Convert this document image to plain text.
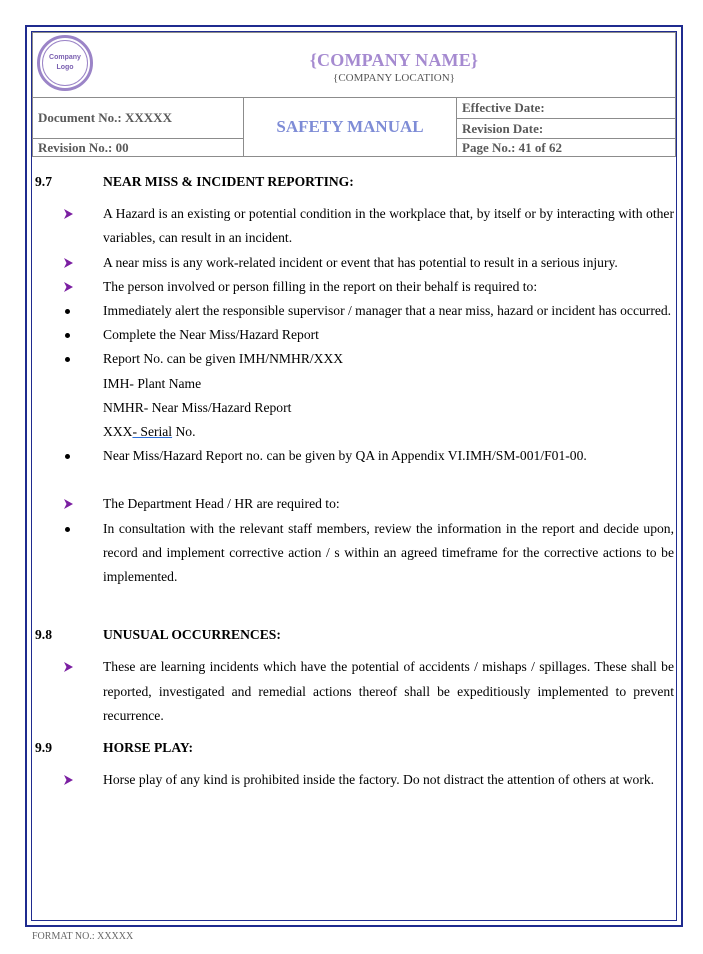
Company
Logo {COMPANY NAME}
{COMPANY LOCATION}		

Document No.: XXXXX	SAFETY MANUAL	Effective Date:
		Revision Date:
Revision No.: 00		Page No.: 41 of 62
9.7	NEAR MISS & INCIDENT REPORTING:
A Hazard is an existing or potential condition in the workplace that, by itself or by interacting with other variables, can result in an incident.
A near miss is any work-related incident or event that has potential to result in a serious injury.
The person involved or person filling in the report on their behalf is required to:
Immediately alert the responsible supervisor / manager that a near miss, hazard or incident has occurred.
Complete the Near Miss/Hazard Report
Report No. can be given IMH/NMHR/XXX
IMH- Plant Name
NMHR- Near Miss/Hazard Report
XXX- Serial No.
Near Miss/Hazard Report no. can be given by QA in Appendix VI.IMH/SM-001/F01-00.
The Department Head / HR are required to:
In consultation with the relevant staff members, review the information in the report and decide upon, record and implement corrective action / s within an agreed timeframe for the corrective actions to be implemented.
9.8	UNUSUAL OCCURRENCES:
These are learning incidents which have the potential of accidents / mishaps / spillages. These shall be reported, investigated and remedial actions thereof shall be expeditiously implemented to prevent recurrence.
9.9	HORSE PLAY:
Horse play of any kind is prohibited inside the factory. Do not distract the attention of others at work.
FORMAT NO.: XXXXX
